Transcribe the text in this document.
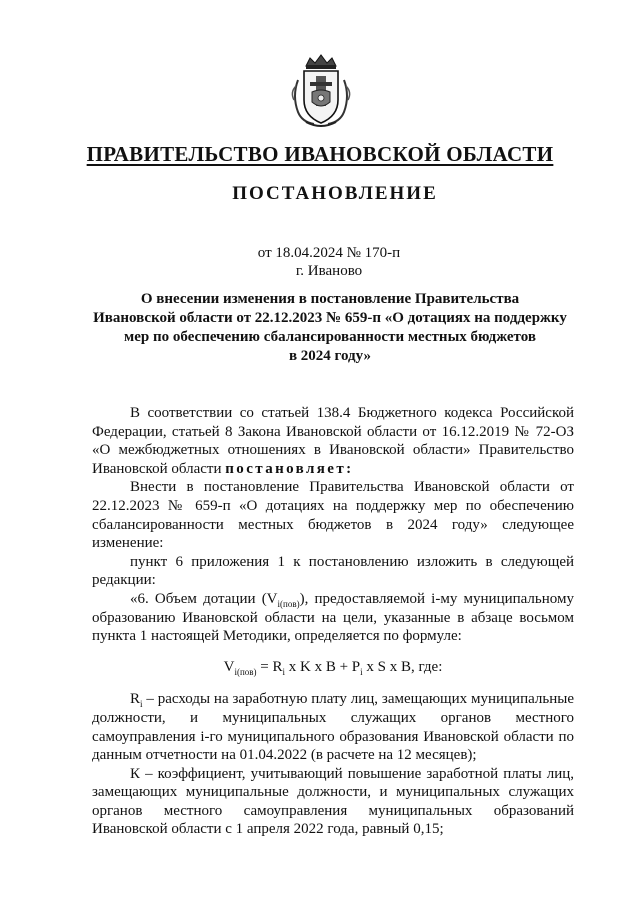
ПРАВИТЕЛЬСТВО ИВАНОВСКОЙ ОБЛАСТИ
ПОСТАНОВЛЕНИЕ
от 18.04.2024 № 170-п
г. Иваново
О внесении изменения в постановление Правительства
Ивановской области от 22.12.2023 № 659-п «О дотациях на поддержку
мер по обеспечению сбалансированности местных бюджетов
в 2024 году»

В соответствии со статьей 138.4 Бюджетного кодекса Российской Федерации, статьей 8 Закона Ивановской области от 16.12.2019 № 72-ОЗ «О межбюджетных отношениях в Ивановской области» Правительство Ивановской области постановляет:

Внести в постановление Правительства Ивановской области от 22.12.2023 № 659-п «О дотациях на поддержку мер по обеспечению сбалансированности местных бюджетов в 2024 году» следующее изменение:

пункт 6 приложения 1 к постановлению изложить в следующей редакции:

«6. Объем дотации $(V_{i(пов)})$, предоставляемой i-му муниципальному образованию Ивановской области на цели, указанные в абзаце восьмом пункта 1 настоящей Методики, определяется по формуле:

$V_{i(пов)} = R_i$ x K x $B + P_i$ x S x B, где:

$R_i$ – расходы на заработную плату лиц, замещающих муниципальные должности, и муниципальных служащих органов местного самоуправления i-го муниципального образования Ивановской области по данным отчетности на 01.04.2022 (в расчете на 12 месяцев);

К – коэффициент, учитывающий повышение заработной платы лиц, замещающих муниципальные должности, и муниципальных служащих органов местного самоуправления муниципальных образований Ивановской области с 1 апреля 2022 года, равный 0,15;
